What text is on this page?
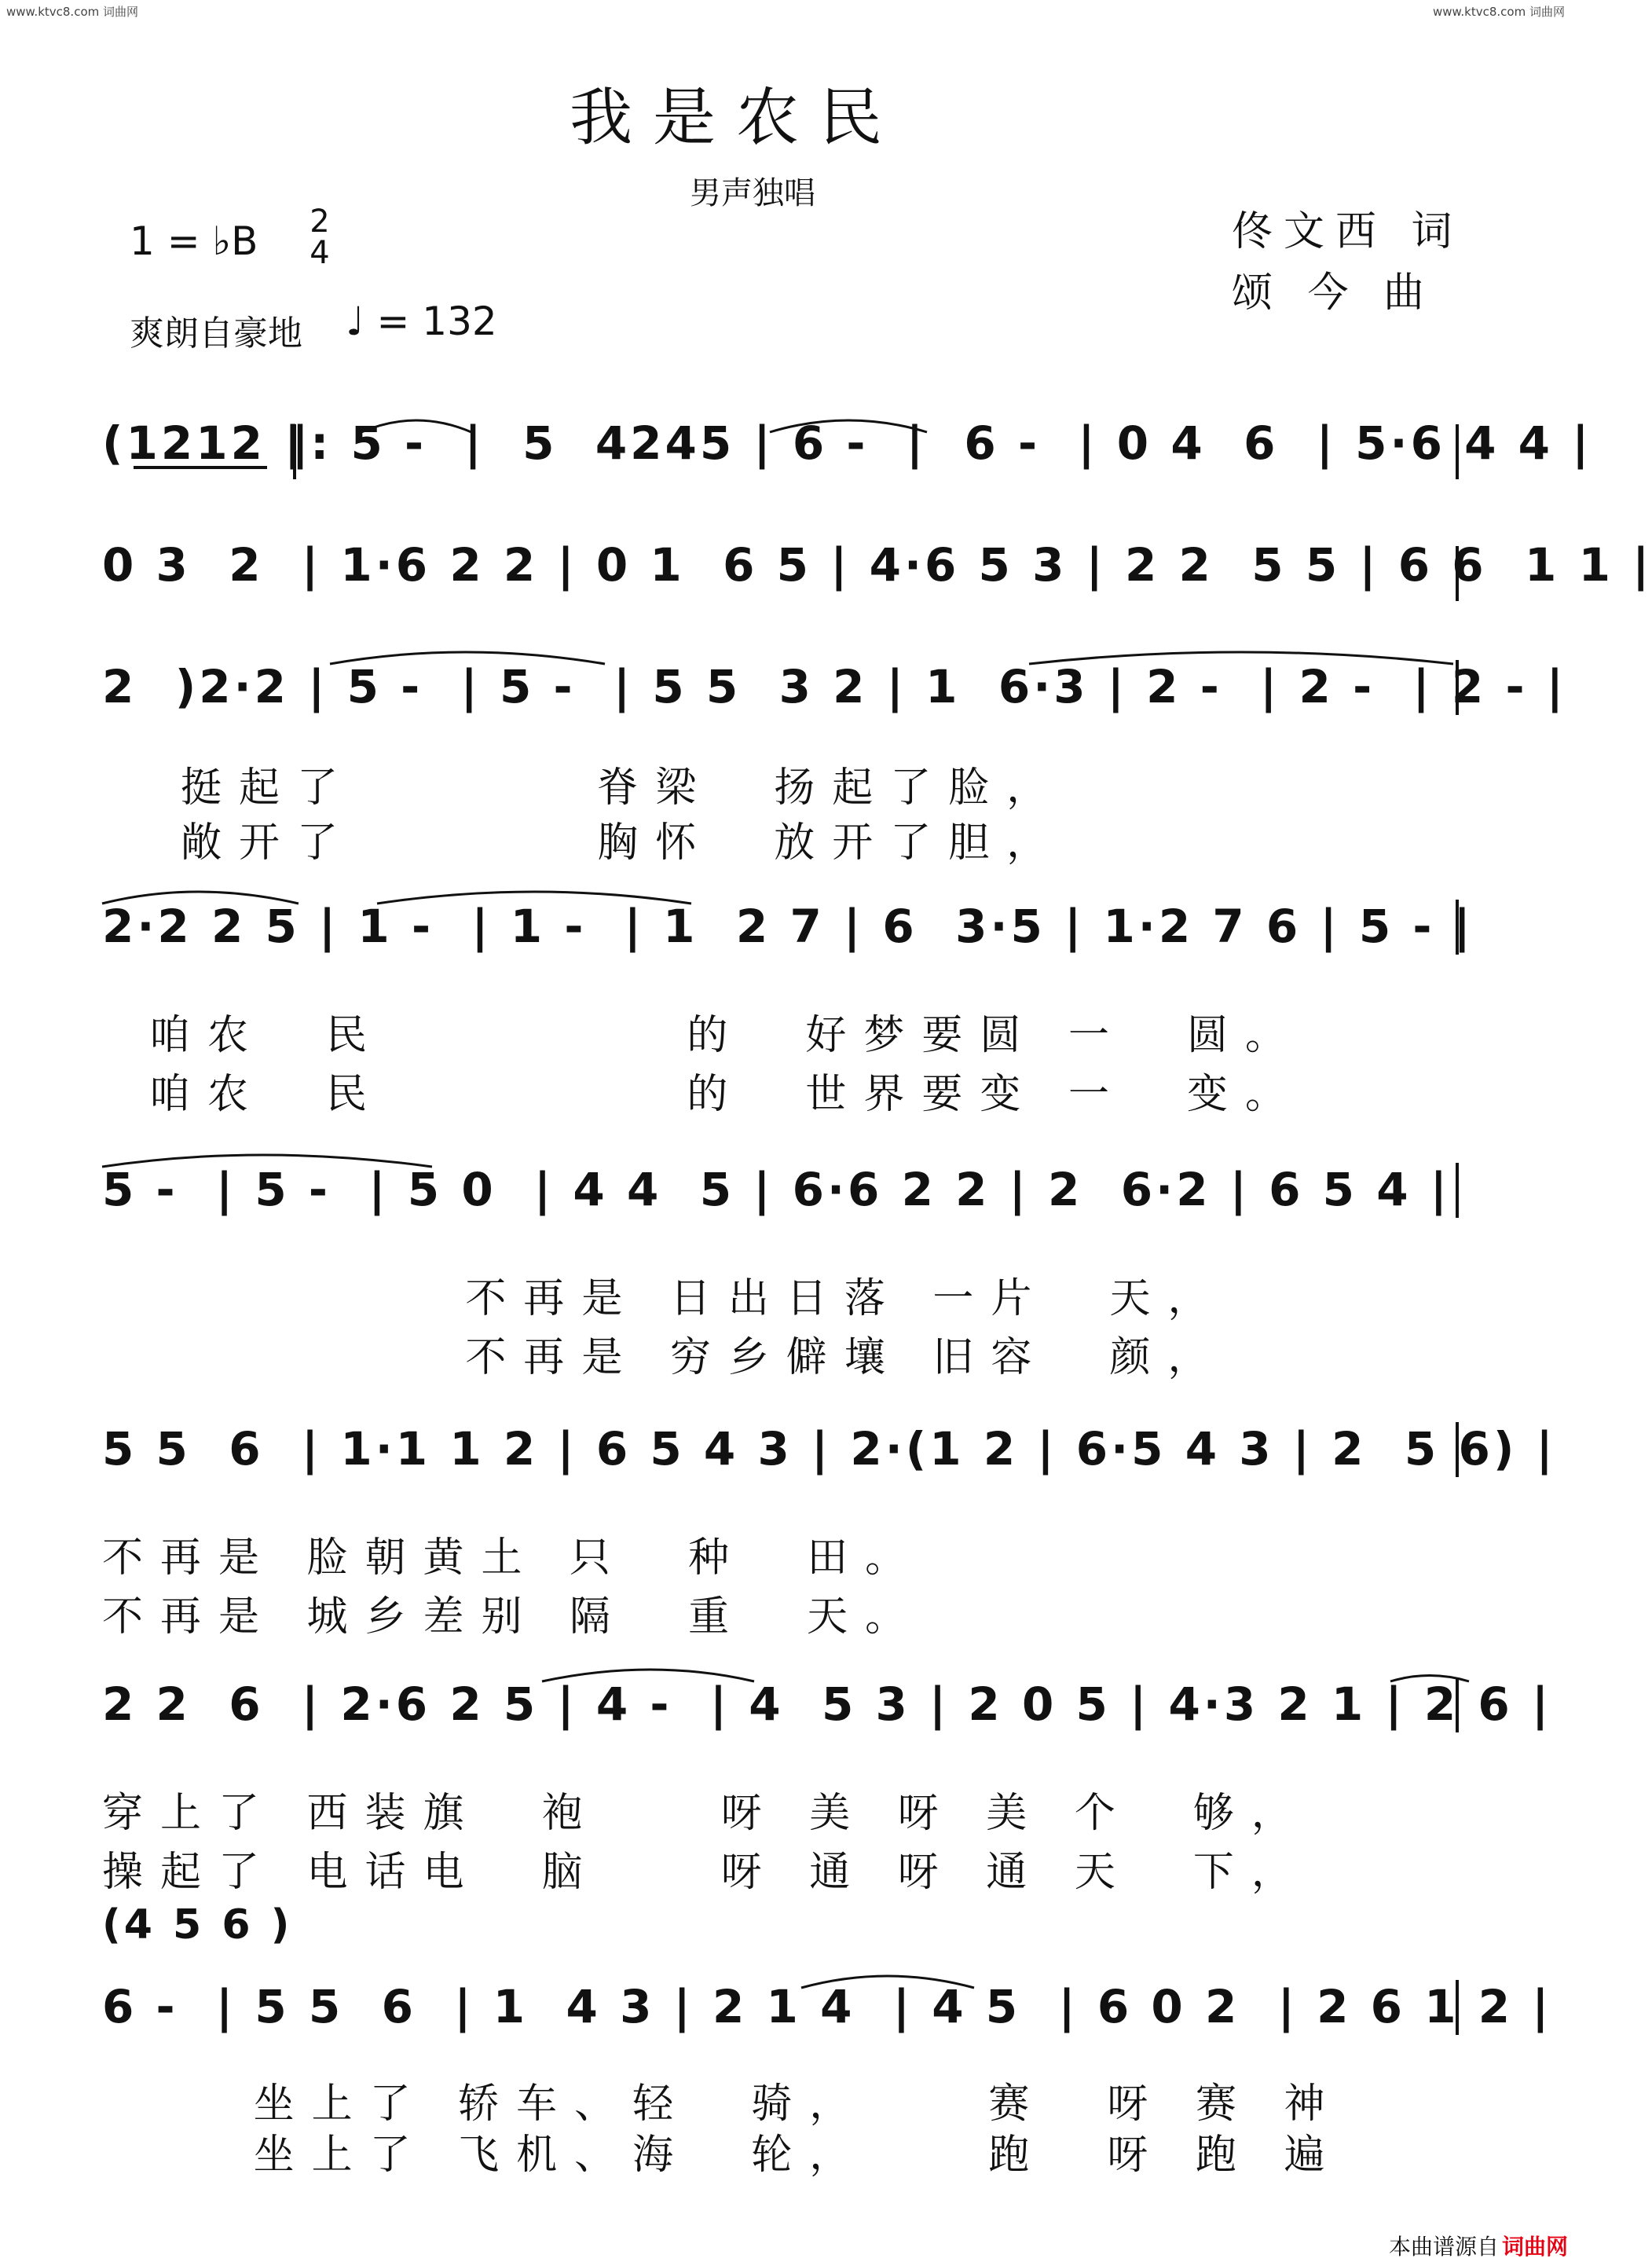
www.ktvc8.com 词曲网	www.ktvc8.com 词曲网
我是农民
男声独唱
佟文西 词
颂 今 曲
1 = ♭B 2
4
爽朗自豪地 ♩ = 132
(1212 ‖: 5 -  |  5  4245 | 6 -  |  6 -  | 0 4  6  | 5·6 4 4 |
0 3  2  | 1·6 2 2 | 0 1  6 5 | 4·6 5 3 | 2 2  5 5 | 6 6  1 1 |
2  )2·2 | 5 -  | 5 -  | 5 5  3 2 | 1  6·3 | 2 -  | 2 -  | 2 - |
挺起了        脊梁  扬起了脸，
敞开了        胸怀  放开了胆，
2·2 2 5 | 1 -  | 1 -  | 1  2 7 | 6  3·5 | 1·2 7 6 | 5 - |
咱农  民          的  好梦要圆 一  圆。
咱农  民          的  世界要变 一  变。
5 -  | 5 -  | 5 0  | 4 4  5 | 6·6 2 2 | 2  6·2 | 6 5 4 |
不再是 日出日落 一片  天，
不再是 穷乡僻壤 旧容  颜，
5 5  6  | 1·1 1 2 | 6 5 4 3 | 2·(1 2 | 6·5 4 3 | 2  5 6) |
不再是 脸朝黄土 只  种  田。
不再是 城乡差别 隔  重  天。
2 2  6  | 2·6 2 5 | 4 -  | 4  5 3 | 2 0 5 | 4·3 2 1 | 2 6 |
穿上了 西装旗  袍    呀 美 呀 美 个  够，
操起了 电话电  脑    呀 通 呀 通 天  下，
(4 5 6 )
6 -  | 5 5  6  | 1  4 3 | 2 1 4  | 4 5  | 6 0 2  | 2 6 1 2 |
坐上了 轿车、轻  骑，    赛  呀 赛 神
坐上了 飞机、海  轮，    跑  呀 跑 遍
本曲谱源自 词曲网
